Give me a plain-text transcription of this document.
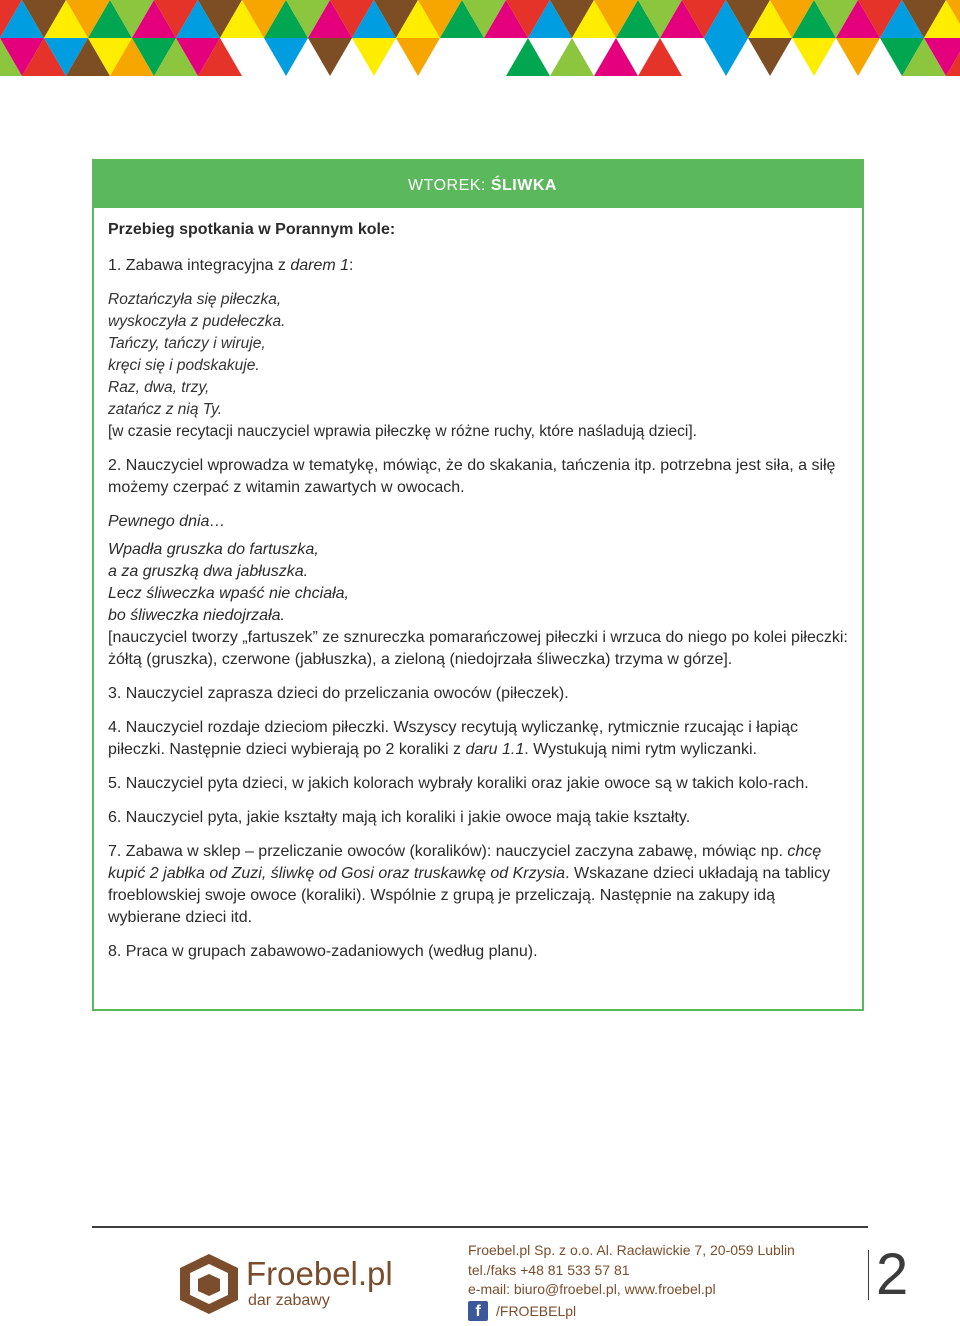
WTOREK: ŚLIWKA

Przebieg spotkania w Porannym kole:

1. Zabawa integracyjna z darem 1:

Roztańczyła się piłeczka,
wyskoczyła z pudełeczka.
Tańczy, tańczy i wiruje,
kręci się i podskakuje.
Raz, dwa, trzy,
zatańcz z nią Ty.

[w czasie recytacji nauczyciel wprawia piłeczkę w różne ruchy, które naśladują dzieci].

2. Nauczyciel wprowadza w tematykę, mówiąc, że do skakania, tańczenia itp. potrzebna jest siła, a siłę możemy czerpać z witamin zawartych w owocach.

Pewnego dnia…

Wpadła gruszka do fartuszka,
a za gruszką dwa jabłuszka.
Lecz śliweczka wpaść nie chciała,
bo śliweczka niedojrzała.

[nauczyciel tworzy „fartuszek” ze sznureczka pomarańczowej piłeczki i wrzuca do niego po kolei piłeczki: żółtą (gruszka), czerwone (jabłuszka), a zieloną (niedojrzała śliweczka) trzyma w górze].

3. Nauczyciel zaprasza dzieci do przeliczania owoców (piłeczek).

4. Nauczyciel rozdaje dzieciom piłeczki. Wszyscy recytują wyliczankę, rytmicznie rzucając i łapiąc piłeczki. Następnie dzieci wybierają po 2 koraliki z daru 1.1. Wystukują nimi rytm wyliczanki.

5. Nauczyciel pyta dzieci, w jakich kolorach wybrały koraliki oraz jakie owoce są w takich kolo-rach.

6. Nauczyciel pyta, jakie kształty mają ich koraliki i jakie owoce mają takie kształty.

7. Zabawa w sklep – przeliczanie owoców (koralików): nauczyciel zaczyna zabawę, mówiąc np. chcę kupić 2 jabłka od Zuzi, śliwkę od Gosi oraz truskawkę od Krzysia. Wskazane dzieci układają na tablicy froeblowskiej swoje owoce (koraliki). Wspólnie z grupą je przeliczają. Następnie na zakupy idą wybierane dzieci itd.

8. Praca w grupach zabawowo-zadaniowych (według planu).

Froebel.pl
dar zabawy
Froebel.pl Sp. z o.o. Al. Racławickie 7, 20-059 Lublin
tel./faks +48 81 533 57 81
e-mail: biuro@froebel.pl, www.froebel.pl
f	/FROEBELpl
2
